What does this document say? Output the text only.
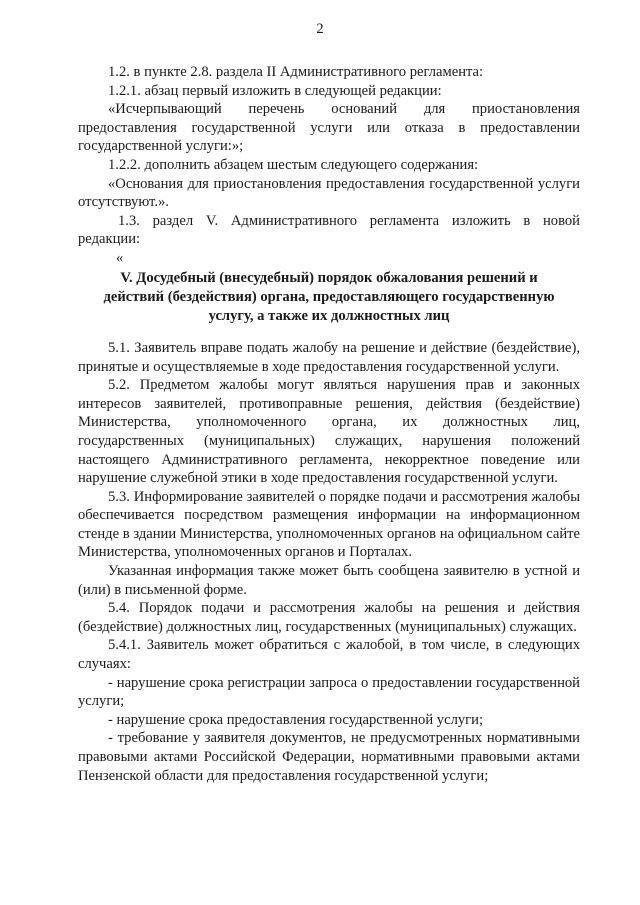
2

1.2. в пункте 2.8. раздела II Административного регламента:

1.2.1. абзац первый изложить в следующей редакции:

«Исчерпывающий перечень оснований для приостановления предоставления государственной услуги или отказа в предоставлении государственной услуги:»;

1.2.2. дополнить абзацем шестым следующего содержания:

«Основания для приостановления предоставления государственной услуги отсутствуют.».

1.3. раздел V. Административного регламента изложить в новой редакции:

«

V. Досудебный (внесудебный) порядок обжалования решений и действий (бездействия) органа, предоставляющего государственную услугу, а также их должностных лиц

5.1. Заявитель вправе подать жалобу на решение и действие (бездействие), принятые и осуществляемые в ходе предоставления государственной услуги.

5.2. Предметом жалобы могут являться нарушения прав и законных интересов заявителей, противоправные решения, действия (бездействие) Министерства, уполномоченного органа, их должностных лиц, государственных (муниципальных) служащих, нарушения положений настоящего Административного регламента, некорректное поведение или нарушение служебной этики в ходе предоставления государственной услуги.

5.3. Информирование заявителей о порядке подачи и рассмотрения жалобы обеспечивается посредством размещения информации на информационном стенде в здании Министерства, уполномоченных органов на официальном сайте Министерства, уполномоченных органов и Порталах.

Указанная информация также может быть сообщена заявителю в устной и (или) в письменной форме.

5.4. Порядок подачи и рассмотрения жалобы на решения и действия (бездействие) должностных лиц, государственных (муниципальных) служащих.

5.4.1. Заявитель может обратиться с жалобой, в том числе, в следующих случаях:

- нарушение срока регистрации запроса о предоставлении государственной услуги;

- нарушение срока предоставления государственной услуги;

- требование у заявителя документов, не предусмотренных нормативными правовыми актами Российской Федерации, нормативными правовыми актами Пензенской области для предоставления государственной услуги;
